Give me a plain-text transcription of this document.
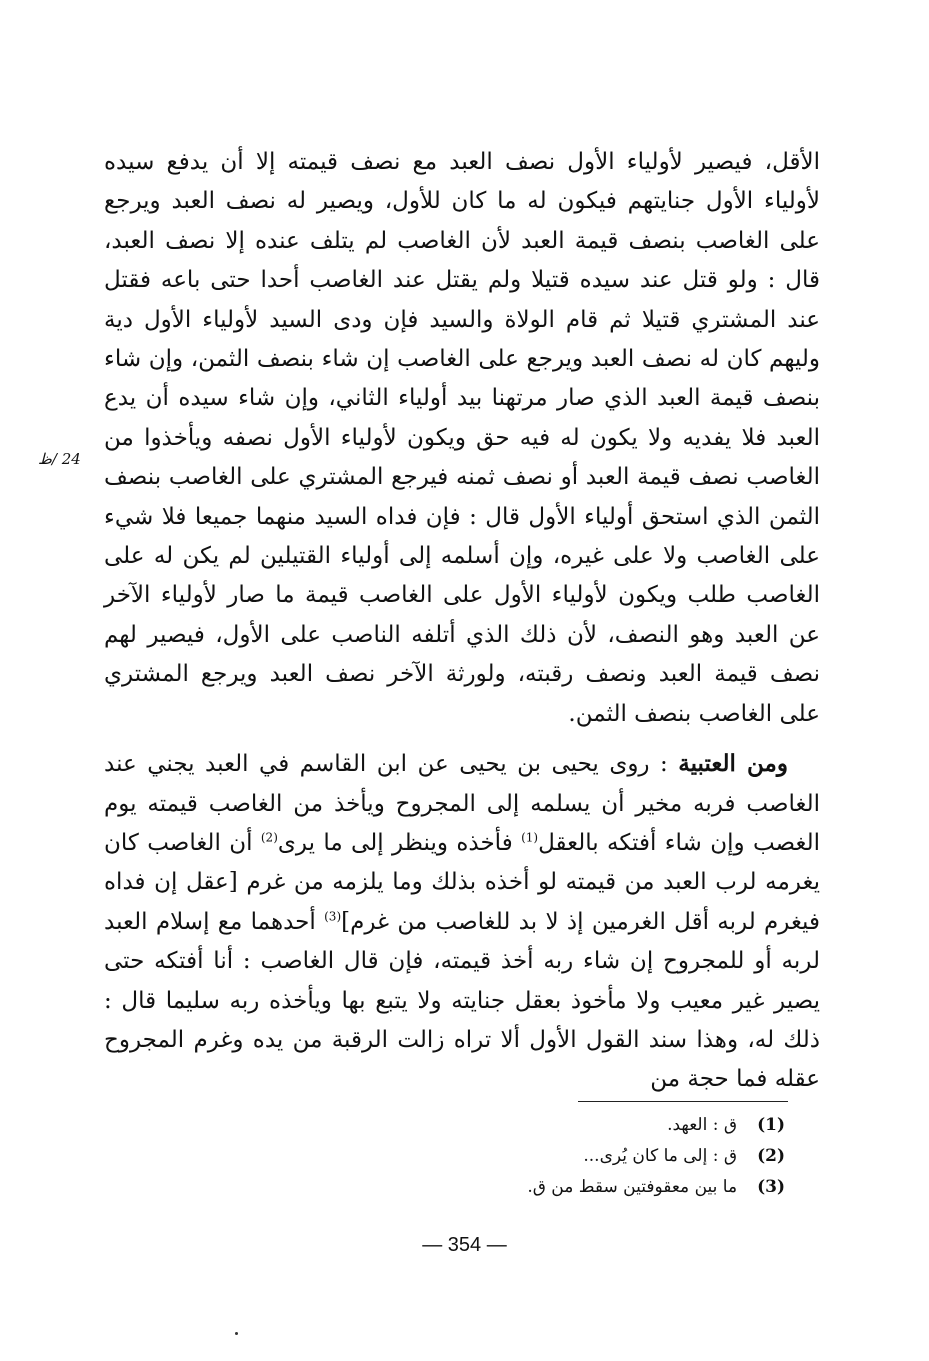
24 /ظ

الأقل، فيصير لأولياء الأول نصف العبد مع نصف قيمته إلا أن يدفع سيده لأولياء الأول جنايتهم فيكون له ما كان للأول، ويصير له نصف العبد ويرجع على الغاصب بنصف قيمة العبد لأن الغاصب لم يتلف عنده إلا نصف العبد، قال : ولو قتل عند سيده قتيلا ولم يقتل عند الغاصب أحدا حتى باعه فقتل عند المشتري قتيلا ثم قام الولاة والسيد فإن ودى السيد لأولياء الأول دية وليهم كان له نصف العبد ويرجع على الغاصب إن شاء بنصف الثمن، وإن شاء بنصف قيمة العبد الذي صار مرتهنا بيد أولياء الثاني، وإن شاء سيده أن يدع العبد فلا يفديه ولا يكون له فيه حق ويكون لأولياء الأول نصفه ويأخذوا من الغاصب نصف قيمة العبد أو نصف ثمنه فيرجع المشتري على الغاصب بنصف الثمن الذي استحق أولياء الأول قال : فإن فداه السيد منهما جميعا فلا شيء على الغاصب ولا على غيره، وإن أسلمه إلى أولياء القتيلين لم يكن له على الغاصب طلب ويكون لأولياء الأول على الغاصب قيمة ما صار لأولياء الآخر عن العبد وهو النصف، لأن ذلك الذي أتلفه الناصب على الأول، فيصير لهم نصف قيمة العبد ونصف رقبته، ولورثة الآخر نصف العبد ويرجع المشتري على الغاصب بنصف الثمن.

ومن العتبية : روى يحيى بن يحيى عن ابن القاسم في العبد يجني عند الغاصب فربه مخير أن يسلمه إلى المجروح ويأخذ من الغاصب قيمته يوم الغصب وإن شاء أفتكه بالعقل$^{(1)}$ فأخذه وينظر إلى ما يرى$^{(2)}$ أن الغاصب كان يغرمه لرب العبد من قيمته لو أخذه بذلك وما يلزمه من غرم [عقل إن فداه فيغرم لربه أقل الغرمين إذ لا بد للغاصب من غرم]$^{(3)}$ أحدهما مع إسلام العبد لربه أو للمجروح إن شاء ربه أخذ قيمته، فإن قال الغاصب : أنا أفتكه حتى يصير غير معيب ولا مأخوذ بعقل جنايته ولا يتبع بها ويأخذه ربه سليما قال : ذلك له، وهذا سند القول الأول ألا تراه زالت الرقبة من يده وغرم المجروح عقله فما حجة من

(1)
ق : العهد.
(2)
ق : إلى ما كان يُرى...
(3)
ما بين معقوفتين سقط من ق.
— 354 —
